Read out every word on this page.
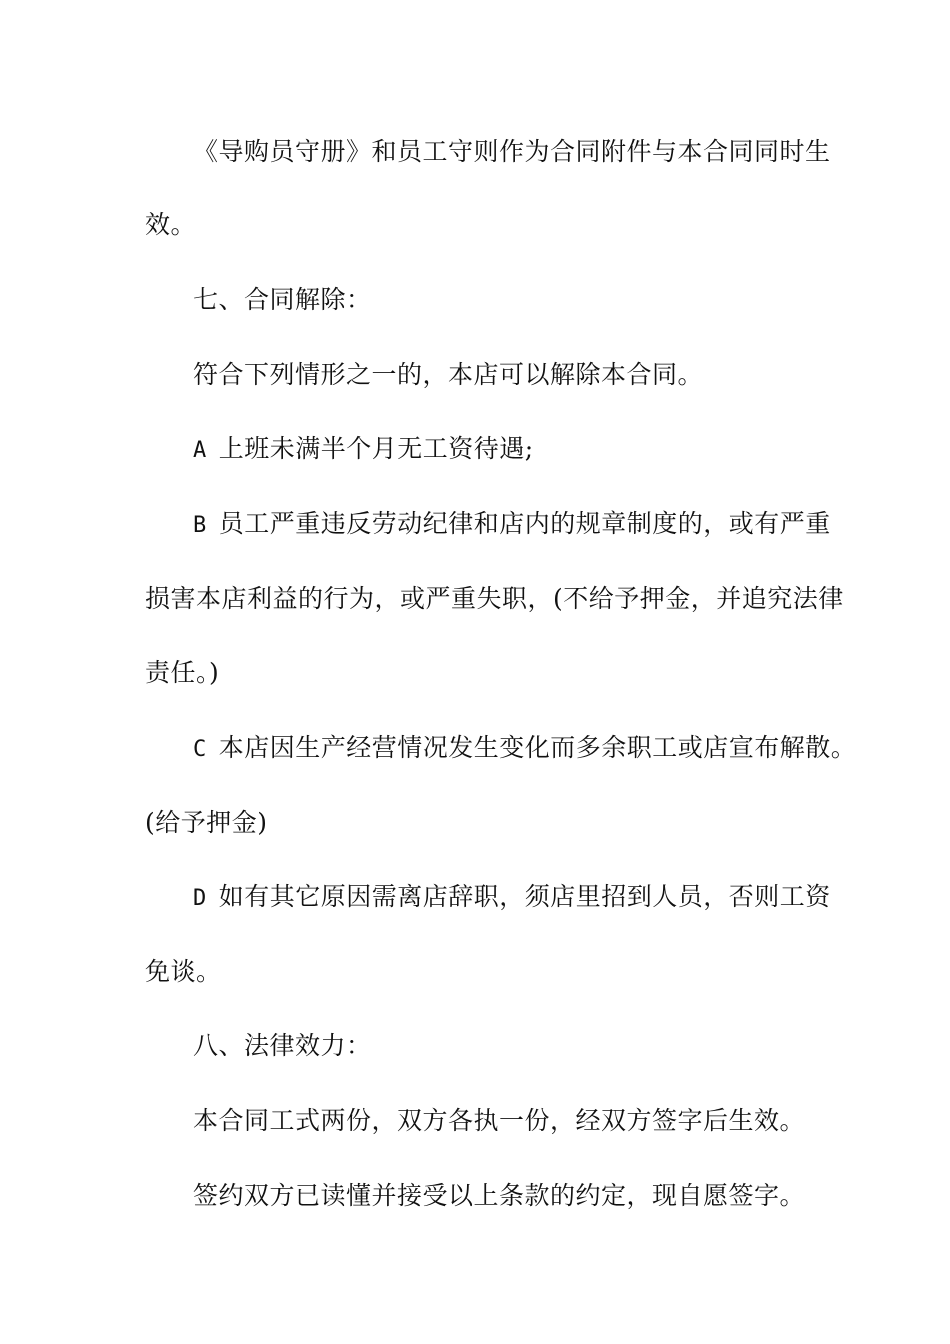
《导购员守册》和员工守则作为合同附件与本合同同时生
效。
七、合同解除：
符合下列情形之一的，本店可以解除本合同。
A 上班未满半个月无工资待遇;
B 员工严重违反劳动纪律和店内的规章制度的，或有严重
损害本店利益的行为，或严重失职，(不给予押金，并追究法律
责任。)
C 本店因生产经营情况发生变化而多余职工或店宣布解散。
(给予押金)
D 如有其它原因需离店辞职，须店里招到人员，否则工资
免谈。
八、法律效力：
本合同工式两份，双方各执一份，经双方签字后生效。
签约双方已读懂并接受以上条款的约定，现自愿签字。
